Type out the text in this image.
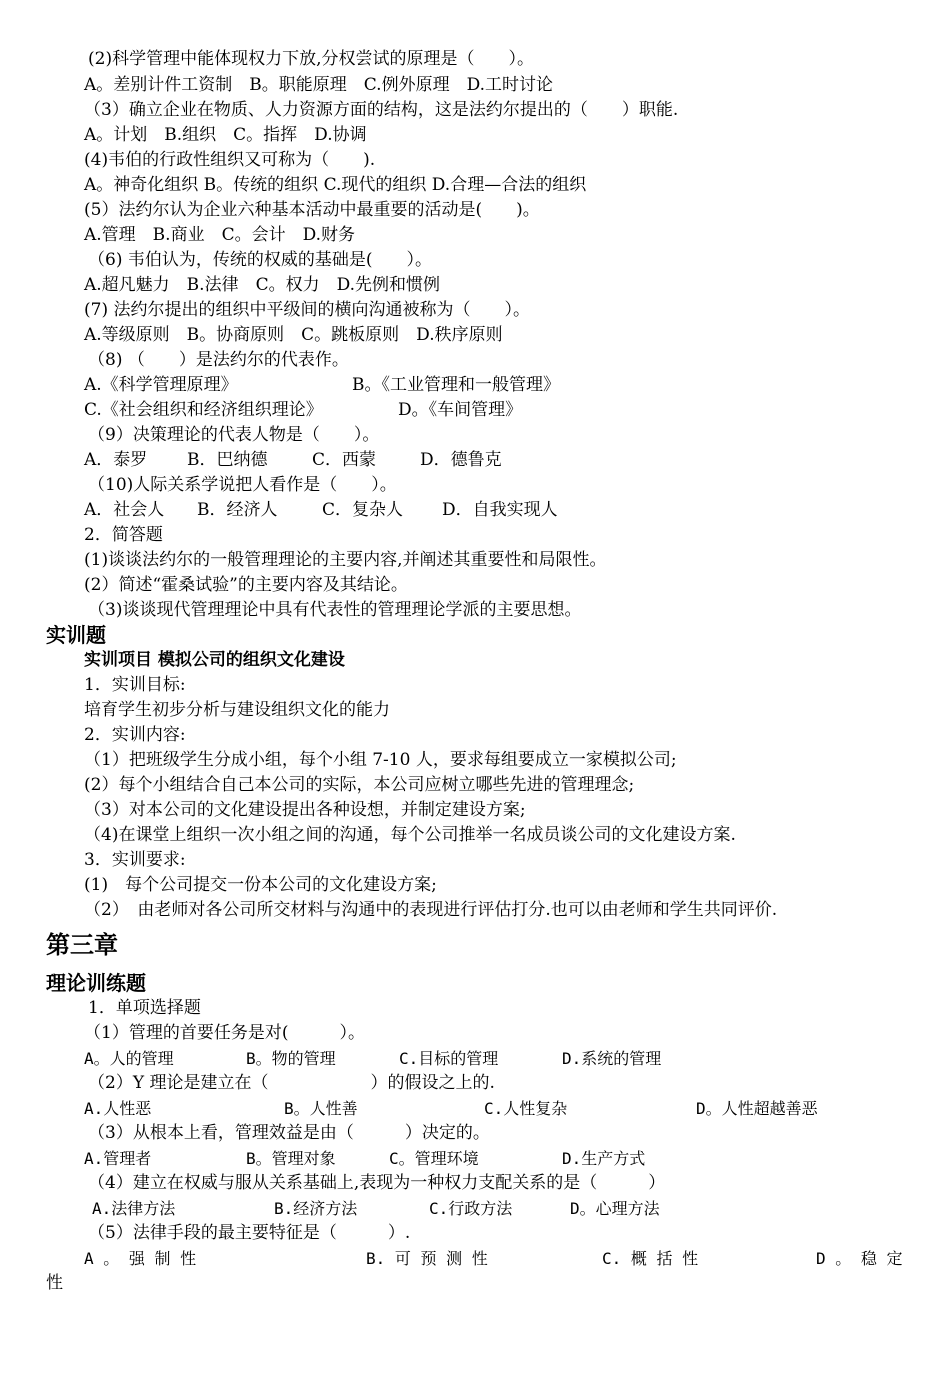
(2)科学管理中能体现权力下放,分权尝试的原理是（　　）。
A。差别计件工资制　B。职能原理　C.例外原理　D.工时讨论
（3）确立企业在物质、人力资源方面的结构，这是法约尔提出的（　　）职能.
A。计划　B.组织　C。指挥　D.协调
(4)韦伯的行政性组织又可称为（　　).
A。神奇化组织 B。传统的组织 C.现代的组织 D.合理—合法的组织
(5）法约尔认为企业六种基本活动中最重要的活动是(　　)。
A.管理　B.商业　C。会计　D.财务
（6) 韦伯认为，传统的权威的基础是(　　）。
A.超凡魅力　B.法律　C。权力　D.先例和惯例
(7) 法约尔提出的组织中平级间的横向沟通被称为（　　）。
A.等级原则　B。协商原则　C。跳板原则　D.秩序原则
（8) （　　）是法约尔的代表作。

A.《科学管理原理》

	B。《工业管理和一般管理》

C.《社会组织和经济组织理论》

	D。《车间管理》

（9）决策理论的代表人物是（　　）。

A．泰罗

B．巴纳德

	C．西蒙

	D．德鲁克

（10)人际关系学说把人看作是（　　）。

A．社会人

B．经济人

	C．复杂人

D．自我实现人

2．简答题
(1)谈谈法约尔的一般管理理论的主要内容,并阐述其重要性和局限性。
(2）简述“霍桑试验”的主要内容及其结论。
（3)谈谈现代管理理论中具有代表性的管理理论学派的主要思想。
实训题
实训项目 模拟公司的组织文化建设
1．实训目标:
培育学生初步分析与建设组织文化的能力
2．实训内容:
（1）把班级学生分成小组，每个小组 7-10 人，要求每组要成立一家模拟公司;
(2）每个小组结合自己本公司的实际，本公司应树立哪些先进的管理理念;
（3）对本公司的文化建设提出各种设想，并制定建设方案;
（4)在课堂上组织一次小组之间的沟通，每个公司推举一名成员谈公司的文化建设方案.
3．实训要求:
(1)　每个公司提交一份本公司的文化建设方案;
（2）　由老师对各公司所交材料与沟通中的表现进行评估打分.也可以由老师和学生共同评价.
第三章
理论训练题
1．单项选择题
（1）管理的首要任务是对(　　　）。

A。人的管理

	B。物的管理

	C.目标的管理

	D.系统的管理

（2）Y 理论是建立在（　　　　　　）的假设之上的.

A.人性恶

	B。人性善

	C.人性复杂

	D。人性超越善恶

（3）从根本上看，管理效益是由（　　　）决定的。

A.管理者

	B。管理对象

	C。管理环境

	D.生产方式

（4）建立在权威与服从关系基础上,表现为一种权力支配关系的是（　　　）

A.法律方法

	B.经济方法

	C.行政方法

	D。心理方法

（5）法律手段的最主要特征是（　　　）.

A 。 强 制 性

	B. 可 预 测 性

	C. 概 括 性

	D 。 稳 定

性
